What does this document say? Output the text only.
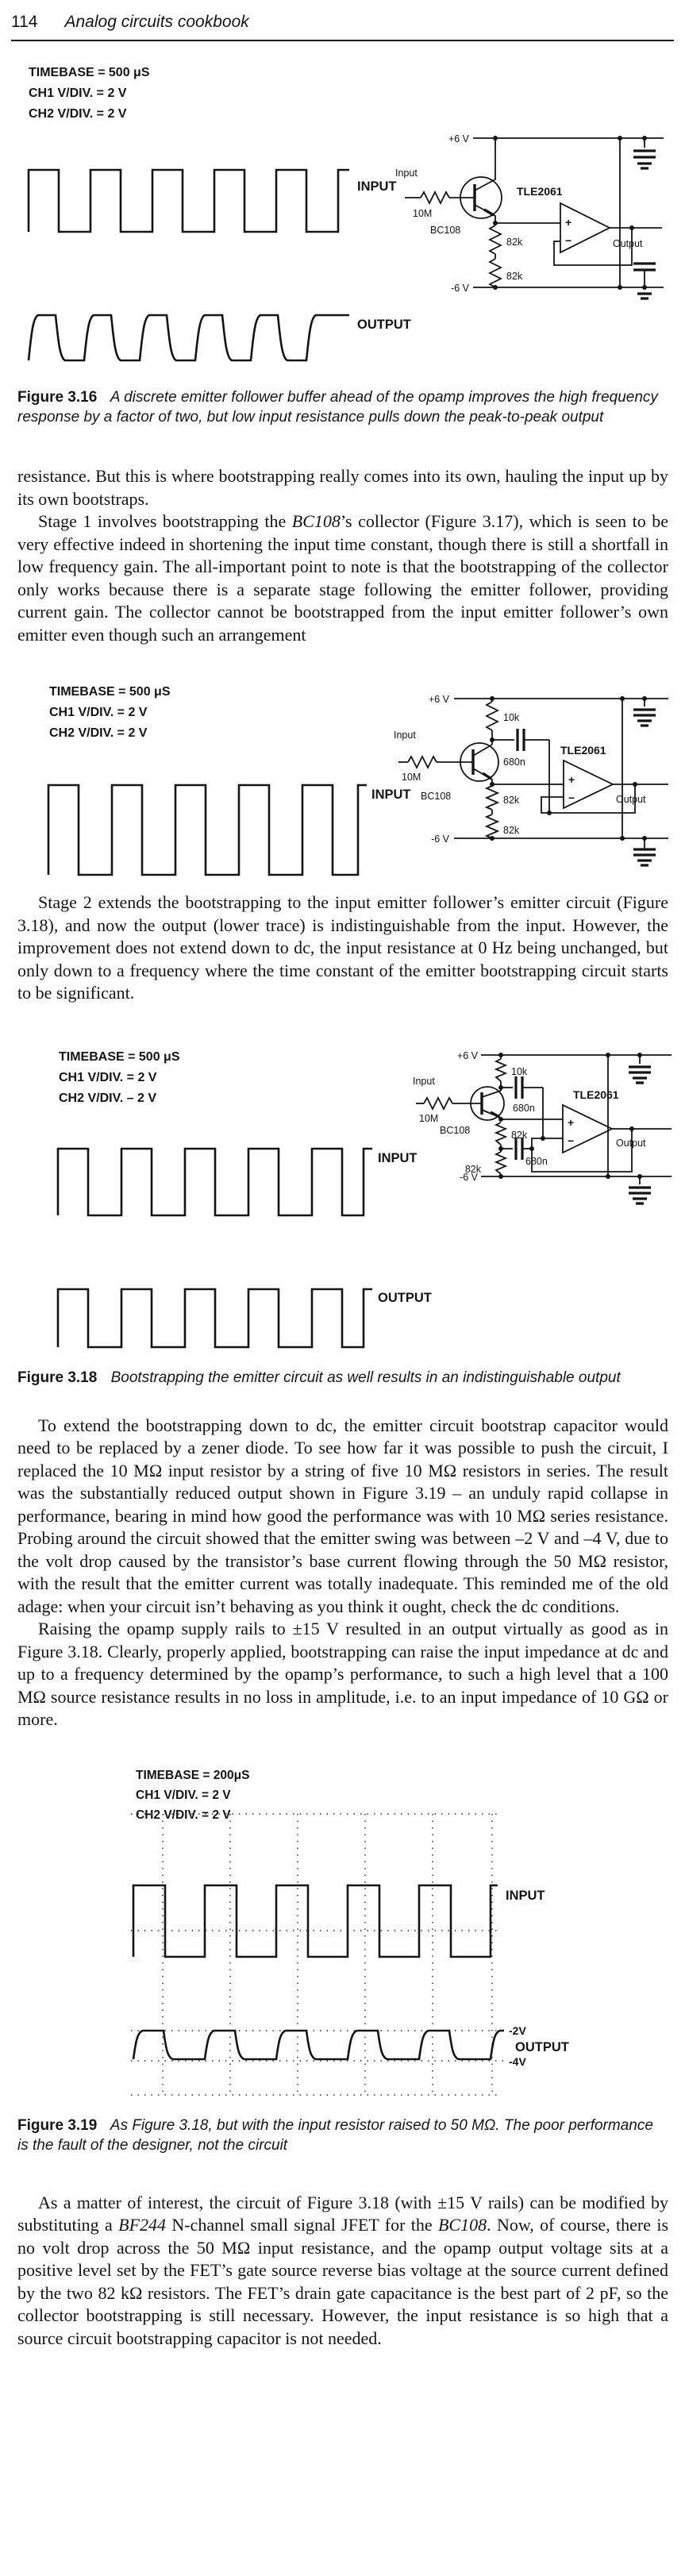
114 Analog circuits cookbook
TIMEBASE = 500 μS
CH1 V/DIV. = 2 V
CH2 V/DIV. = 2 V
INPUT
OUTPUT
+6 V
-6 V
Input
10M
BC108
82k
82k
+
−
TLE2061
Output

Figure 3.16 A discrete emitter follower buffer ahead of the opamp improves the high frequency response by a factor of two, but low input resistance pulls down the peak-to-peak output

resistance. But this is where bootstrapping really comes into its own, hauling the input up by its own bootstraps.

Stage 1 involves bootstrapping the BC108’s collector (Figure 3.17), which is seen to be very effective indeed in shortening the input time constant, though there is still a shortfall in low frequency gain. The all-important point to note is that the bootstrapping of the collector only works because there is a separate stage following the emitter follower, providing current gain. The collector cannot be bootstrapped from the input emitter follower’s own emitter even though such an arrangement

TIMEBASE = 500 μS
CH1 V/DIV. = 2 V
CH2 V/DIV. = 2 V
INPUT
+6 V
-6 V
10k
Input
10M
BC108
680n
82k
82k
+
−
TLE2061
Output

Stage 2 extends the bootstrapping to the input emitter follower’s emitter circuit (Figure 3.18), and now the output (lower trace) is indistinguishable from the input. However, the improvement does not extend down to dc, the input resistance at 0 Hz being unchanged, but only down to a frequency where the time constant of the emitter bootstrapping circuit starts to be significant.

TIMEBASE = 500 μS
CH1 V/DIV. = 2 V
CH2 V/DIV. – 2 V
INPUT
OUTPUT
+6 V
-6 V
10k
Input
10M
BC108
680n
82k
680n
82k
+
−
TLE2061
Output

Figure 3.18 Bootstrapping the emitter circuit as well results in an indistinguishable output

To extend the bootstrapping down to dc, the emitter circuit bootstrap capacitor would need to be replaced by a zener diode. To see how far it was possible to push the circuit, I replaced the 10 MΩ input resistor by a string of five 10 MΩ resistors in series. The result was the substantially reduced output shown in Figure 3.19 – an unduly rapid collapse in performance, bearing in mind how good the performance was with 10 MΩ series resistance. Probing around the circuit showed that the emitter swing was between –2 V and –4 V, due to the volt drop caused by the transistor’s base current flowing through the 50 MΩ resistor, with the result that the emitter current was totally inadequate. This reminded me of the old adage: when your circuit isn’t behaving as you think it ought, check the dc conditions.

Raising the opamp supply rails to ±15 V resulted in an output virtually as good as in Figure 3.18. Clearly, properly applied, bootstrapping can raise the input impedance at dc and up to a frequency determined by the opamp’s performance, to such a high level that a 100 MΩ source resistance results in no loss in amplitude, i.e. to an input impedance of 10 GΩ or more.

TIMEBASE = 200μS
CH1 V/DIV. = 2 V
CH2 V/DIV. = 2 V
INPUT
-2V
OUTPUT
-4V

Figure 3.19 As Figure 3.18, but with the input resistor raised to 50 MΩ. The poor performance is the fault of the designer, not the circuit

As a matter of interest, the circuit of Figure 3.18 (with ±15 V rails) can be modified by substituting a BF244 N-channel small signal JFET for the BC108. Now, of course, there is no volt drop across the 50 MΩ input resistance, and the opamp output voltage sits at a positive level set by the FET’s gate source reverse bias voltage at the source current defined by the two 82 kΩ resistors. The FET’s drain gate capacitance is the best part of 2 pF, so the collector bootstrapping is still necessary. However, the input resistance is so high that a source circuit bootstrapping capacitor is not needed.
